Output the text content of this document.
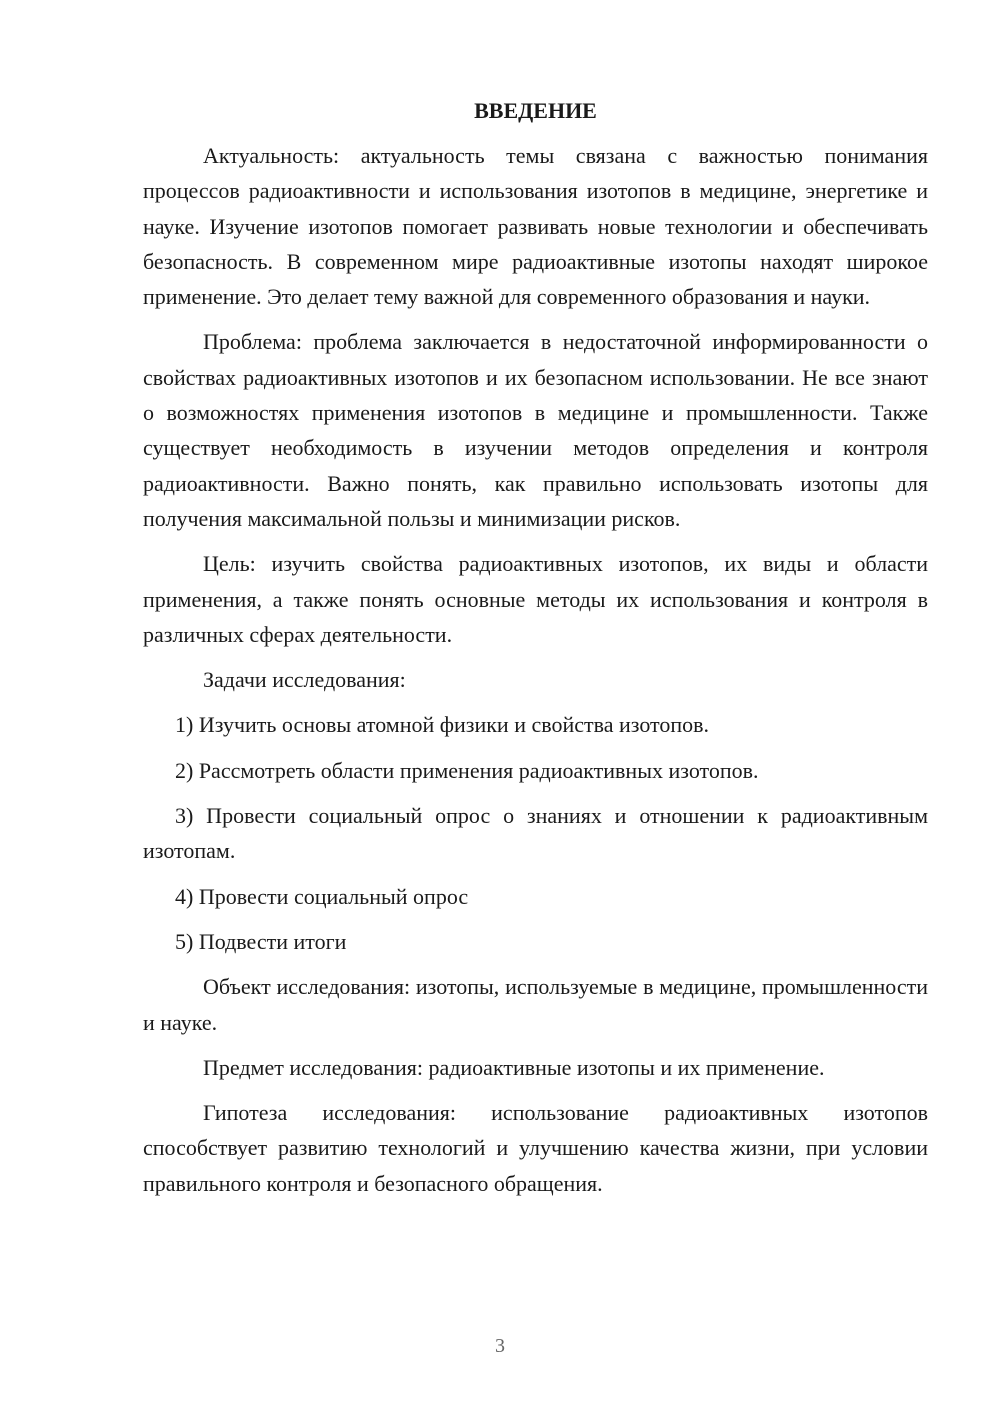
ВВЕДЕНИЕ

Актуальность: актуальность темы связана с важностью понимания процессов радиоактивности и использования изотопов в медицине, энергетике и науке. Изучение изотопов помогает развивать новые технологии и обеспечивать безопасность. В современном мире радиоактивные изотопы находят широкое применение. Это делает тему важной для современного образования и науки.

Проблема: проблема заключается в недостаточной информированности о свойствах радиоактивных изотопов и их безопасном использовании. Не все знают о возможностях применения изотопов в медицине и промышленности. Также существует необходимость в изучении методов определения и контроля радиоактивности. Важно понять, как правильно использовать изотопы для получения максимальной пользы и минимизации рисков.

Цель: изучить свойства радиоактивных изотопов, их виды и области применения, а также понять основные методы их использования и контроля в различных сферах деятельности.

Задачи исследования:

1) Изучить основы атомной физики и свойства изотопов.

2) Рассмотреть области применения радиоактивных изотопов.

3) Провести социальный опрос о знаниях и отношении к радиоактивным изотопам.

4) Провести социальный опрос

5) Подвести итоги

Объект исследования: изотопы, используемые в медицине, промышленности и науке.

Предмет исследования: радиоактивные изотопы и их применение.

Гипотеза исследования: использование радиоактивных изотопов способствует развитию технологий и улучшению качества жизни, при условии правильного контроля и безопасного обращения.

3
